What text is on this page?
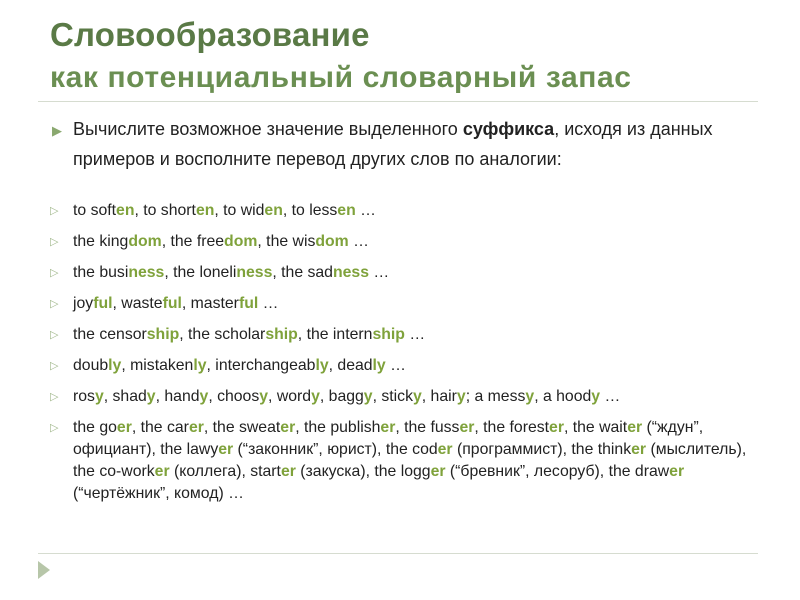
Словообразование
как потенциальный словарный запас
▶ Вычислите возможное значение выделенного суффикса, исходя из данных примеров и восполните перевод других слов по аналогии:

▷ to soften, to shorten, to widen, to lessen …
▷ the kingdom, the freedom, the wisdom …
▷ the business, the loneliness, the sadness …
▷ joyful, wasteful, masterful …
▷ the censorship, the scholarship, the internship …
▷ doubly, mistakenly, interchangeably, deadly …
▷ rosy, shady, handy, choosy, wordy, baggy, sticky, hairy; a messy, a hoody …
▷ the goer, the carer, the sweater, the publisher, the fusser, the forester, the waiter (“ждун”, официант), the lawyer (“законник”, юрист), the coder (программист), the thinker (мыслитель), the co-worker (коллега), starter (закуска), the logger (“бревник”, лесоруб), the drawer (“чертёжник”, комод) …
